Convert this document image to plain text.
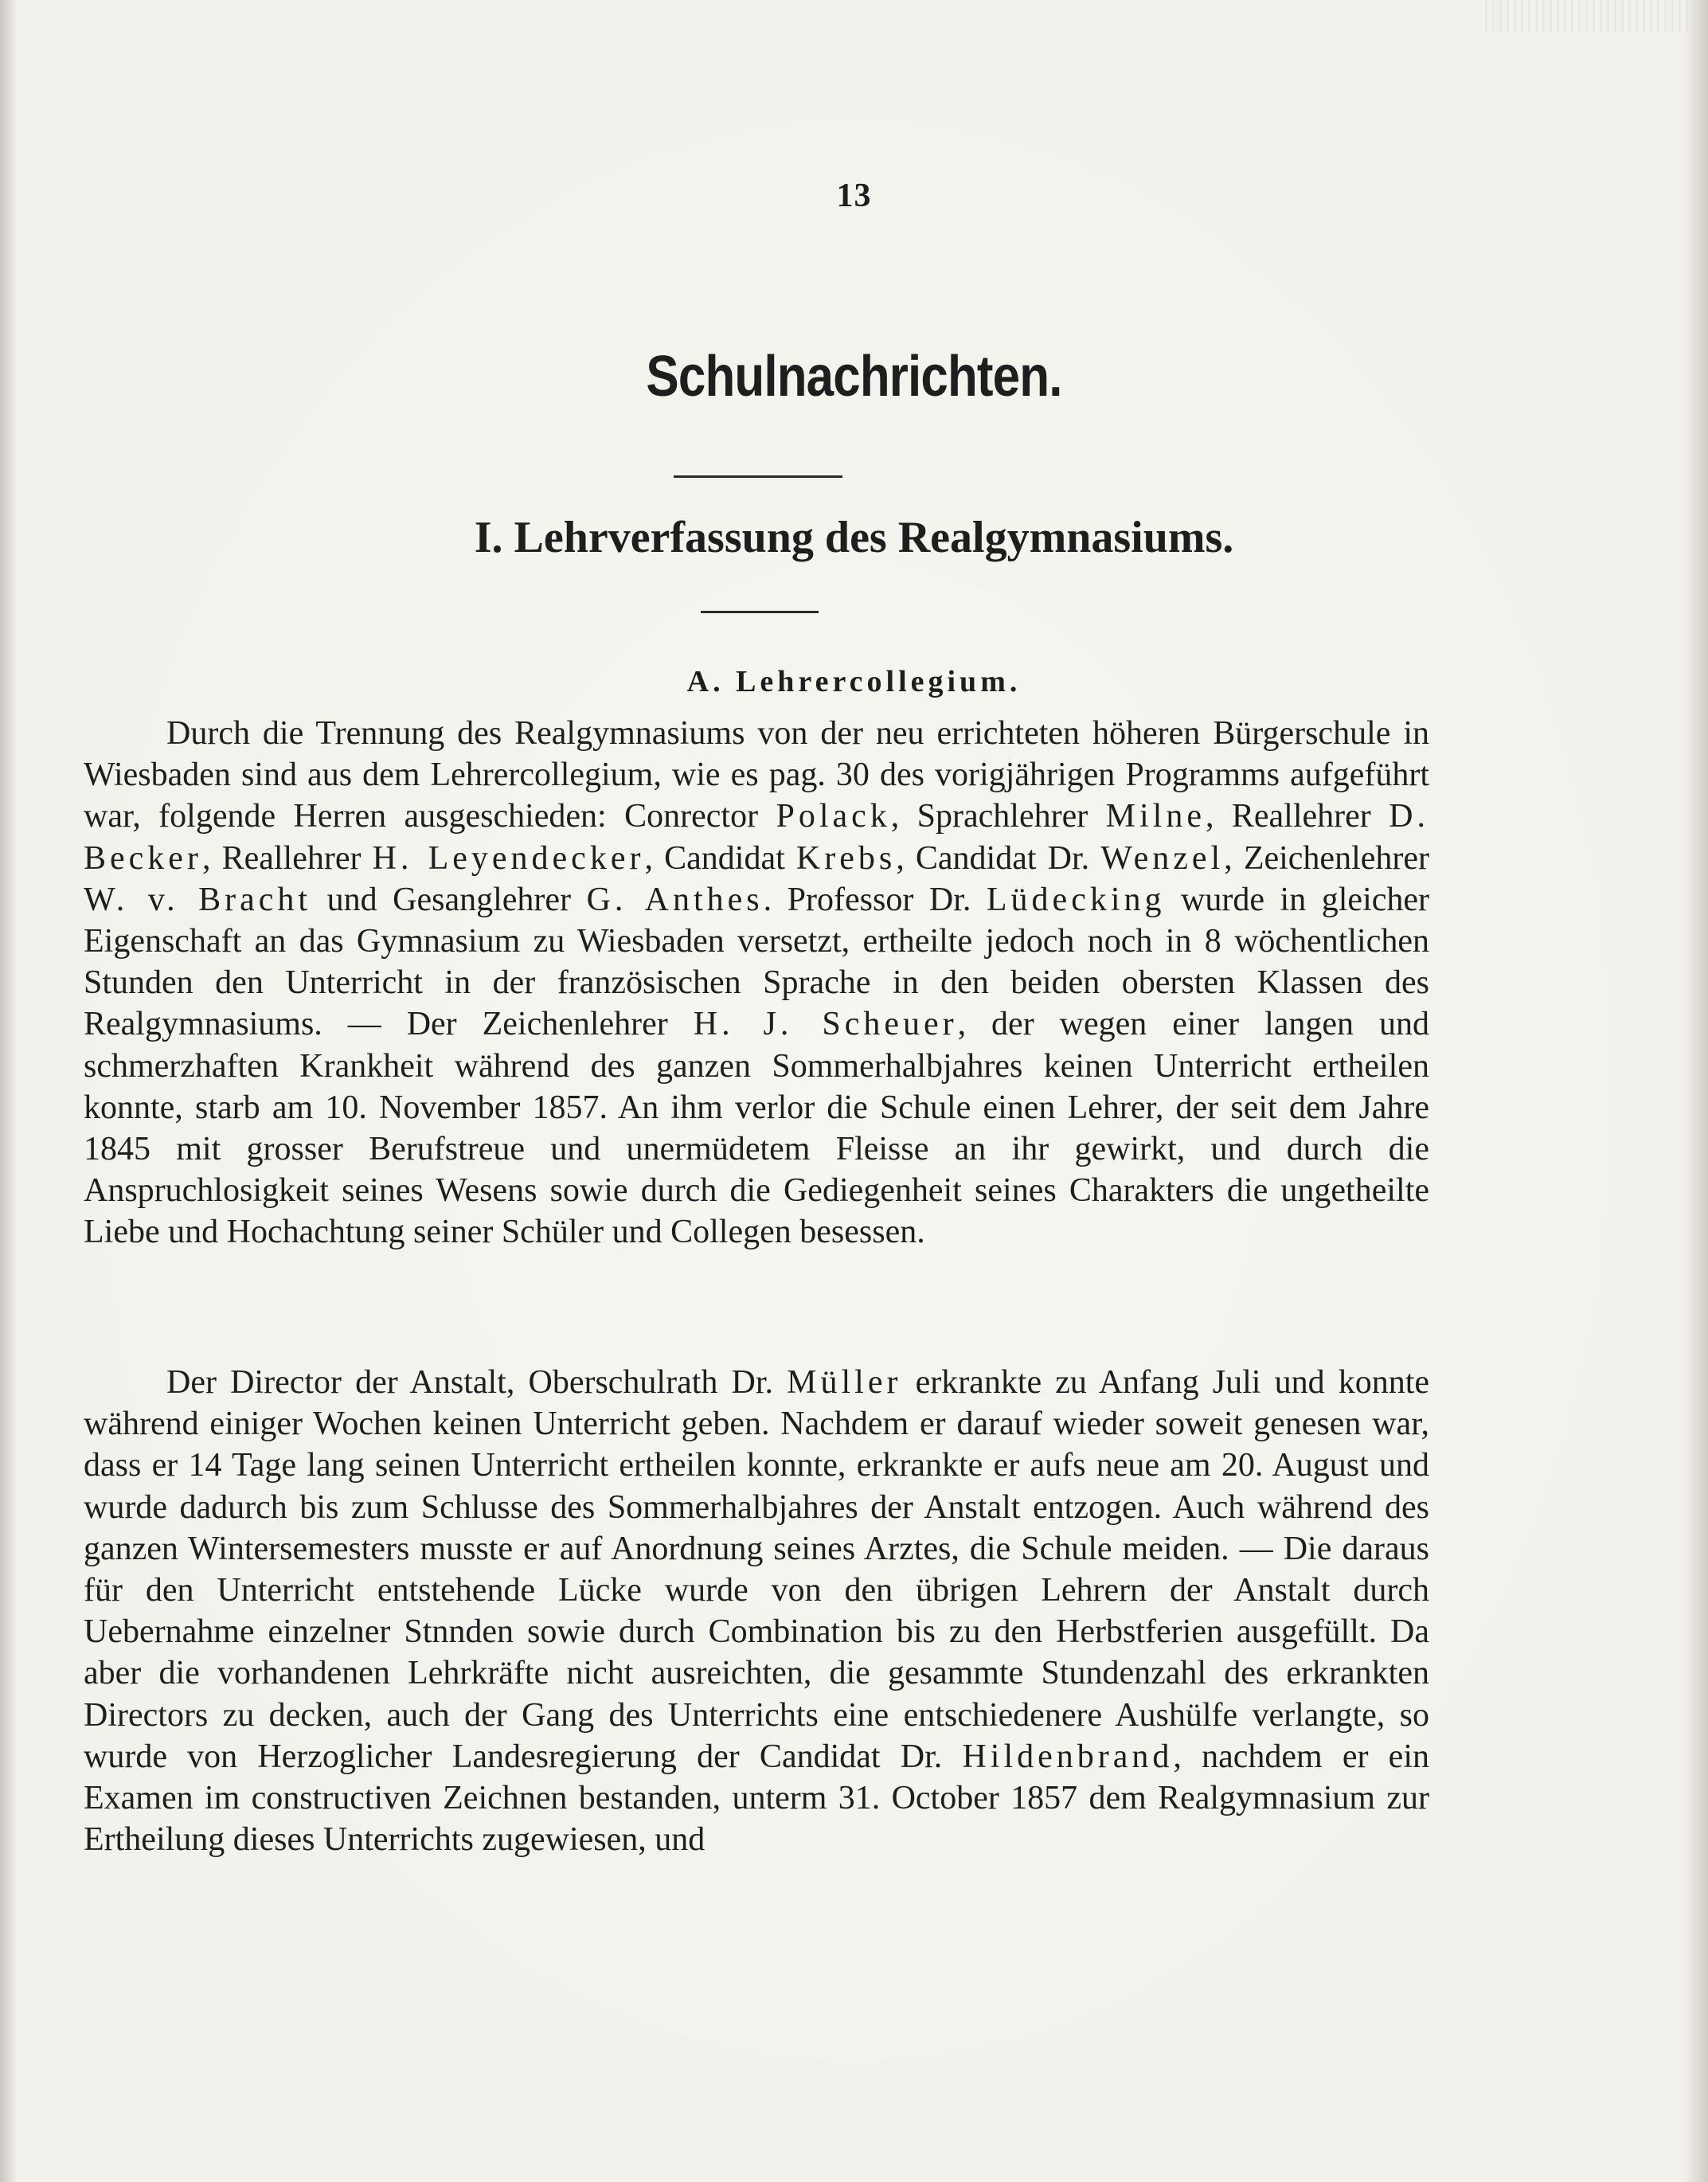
13
Schulnachrichten.
I. Lehrverfassung des Realgymnasiums.
A. Lehrercollegium.

Durch die Trennung des Realgymnasiums von der neu errichteten höheren Bürgerschule in Wiesbaden sind aus dem Lehrercollegium, wie es pag. 30 des vorigjährigen Programms aufgeführt war, folgende Herren ausgeschieden: Conrector Polack, Sprachlehrer Milne, Reallehrer D. Becker, Reallehrer H. Leyendecker, Candidat Krebs, Candidat Dr. Wenzel, Zeichenlehrer W. v. Bracht und Gesanglehrer G. Anthes. Professor Dr. Lüdecking wurde in gleicher Eigenschaft an das Gymnasium zu Wiesbaden versetzt, ertheilte jedoch noch in 8 wöchentlichen Stunden den Unterricht in der französischen Sprache in den beiden obersten Klassen des Realgymnasiums. — Der Zeichenlehrer H. J. Scheuer, der wegen einer langen und schmerzhaften Krankheit während des ganzen Sommerhalbjahres keinen Unterricht ertheilen konnte, starb am 10. November 1857. An ihm verlor die Schule einen Lehrer, der seit dem Jahre 1845 mit grosser Berufstreue und unermüdetem Fleisse an ihr gewirkt, und durch die Anspruchlosigkeit seines Wesens sowie durch die Gediegenheit seines Charakters die ungetheilte Liebe und Hochachtung seiner Schüler und Collegen besessen.

Der Director der Anstalt, Oberschulrath Dr. Müller erkrankte zu Anfang Juli und konnte während einiger Wochen keinen Unterricht geben. Nachdem er darauf wieder soweit genesen war, dass er 14 Tage lang seinen Unterricht ertheilen konnte, erkrankte er aufs neue am 20. August und wurde dadurch bis zum Schlusse des Sommerhalbjahres der Anstalt entzogen. Auch während des ganzen Wintersemesters musste er auf Anordnung seines Arztes, die Schule meiden. — Die daraus für den Unterricht entstehende Lücke wurde von den übrigen Lehrern der Anstalt durch Uebernahme einzelner Stnnden sowie durch Combination bis zu den Herbstferien ausgefüllt. Da aber die vorhandenen Lehrkräfte nicht ausreichten, die gesammte Stundenzahl des erkrankten Directors zu decken, auch der Gang des Unterrichts eine entschiedenere Aushülfe verlangte, so wurde von Herzoglicher Landesregierung der Candidat Dr. Hildenbrand, nachdem er ein Examen im constructiven Zeichnen bestanden, unterm 31. October 1857 dem Realgymnasium zur Ertheilung dieses Unterrichts zugewiesen, und
